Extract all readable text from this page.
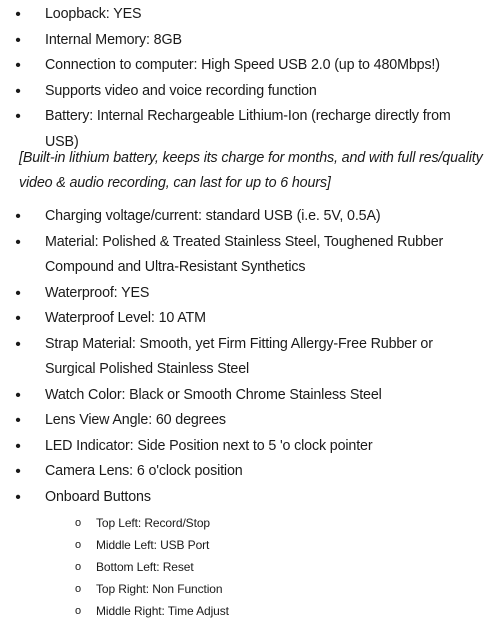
• Loopback: YES
• Internal Memory: 8GB
• Connection to computer: High Speed USB 2.0 (up to 480Mbps!)
• Supports video and voice recording function
• Battery: Internal Rechargeable Lithium-Ion (recharge directly from USB)

[Built-in lithium battery, keeps its charge for months, and with full res/quality video & audio recording, can last for up to 6 hours]

• Charging voltage/current: standard USB (i.e. 5V, 0.5A)
• Material: Polished & Treated Stainless Steel, Toughened Rubber Compound and Ultra-Resistant Synthetics
• Waterproof: YES
• Waterproof Level: 10 ATM
• Strap Material: Smooth, yet Firm Fitting Allergy-Free Rubber or Surgical Polished Stainless Steel
• Watch Color: Black or Smooth Chrome Stainless Steel
• Lens View Angle: 60 degrees
• LED Indicator: Side Position next to 5 'o clock pointer
• Camera Lens: 6 o'clock position
• Onboard Buttons
o Top Left: Record/Stop
o Middle Left: USB Port
o Bottom Left: Reset
o Top Right: Non Function
o Middle Right: Time Adjust
